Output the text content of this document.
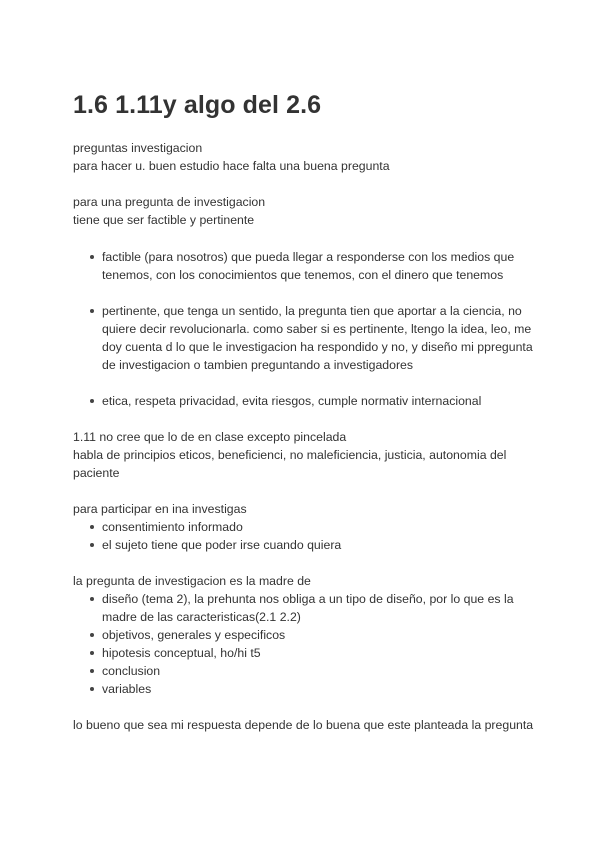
1.6 1.11y algo del 2.6

preguntas investigacion

para hacer u. buen estudio hace falta una buena pregunta

para una pregunta de investigacion

tiene que ser factible y pertinente

factible (para nosotros) que pueda llegar a responderse con los medios que tenemos, con los conocimientos que tenemos, con el dinero que tenemos
pertinente, que tenga un sentido, la pregunta tien que aportar a la ciencia, no quiere decir revolucionarla. como saber si es pertinente, ltengo la idea, leo, me doy cuenta d lo que le investigacion ha respondido y no, y diseño mi ppregunta de investigacion o tambien preguntando a investigadores
etica, respeta privacidad, evita riesgos, cumple normativ internacional

1.11 no cree que lo de en clase excepto pincelada

habla de principios eticos, beneficienci, no maleficiencia, justicia, autonomia del paciente

para participar en ina investigas

consentimiento informado
el sujeto tiene que poder irse cuando quiera

la pregunta de investigacion es la madre de

diseño (tema 2), la prehunta nos obliga a un tipo de diseño, por lo que es la madre de las caracteristicas(2.1 2.2)
objetivos, generales y especificos
hipotesis conceptual, ho/hi t5
conclusion
variables

lo bueno que sea mi respuesta depende de lo buena que este planteada la pregunta
